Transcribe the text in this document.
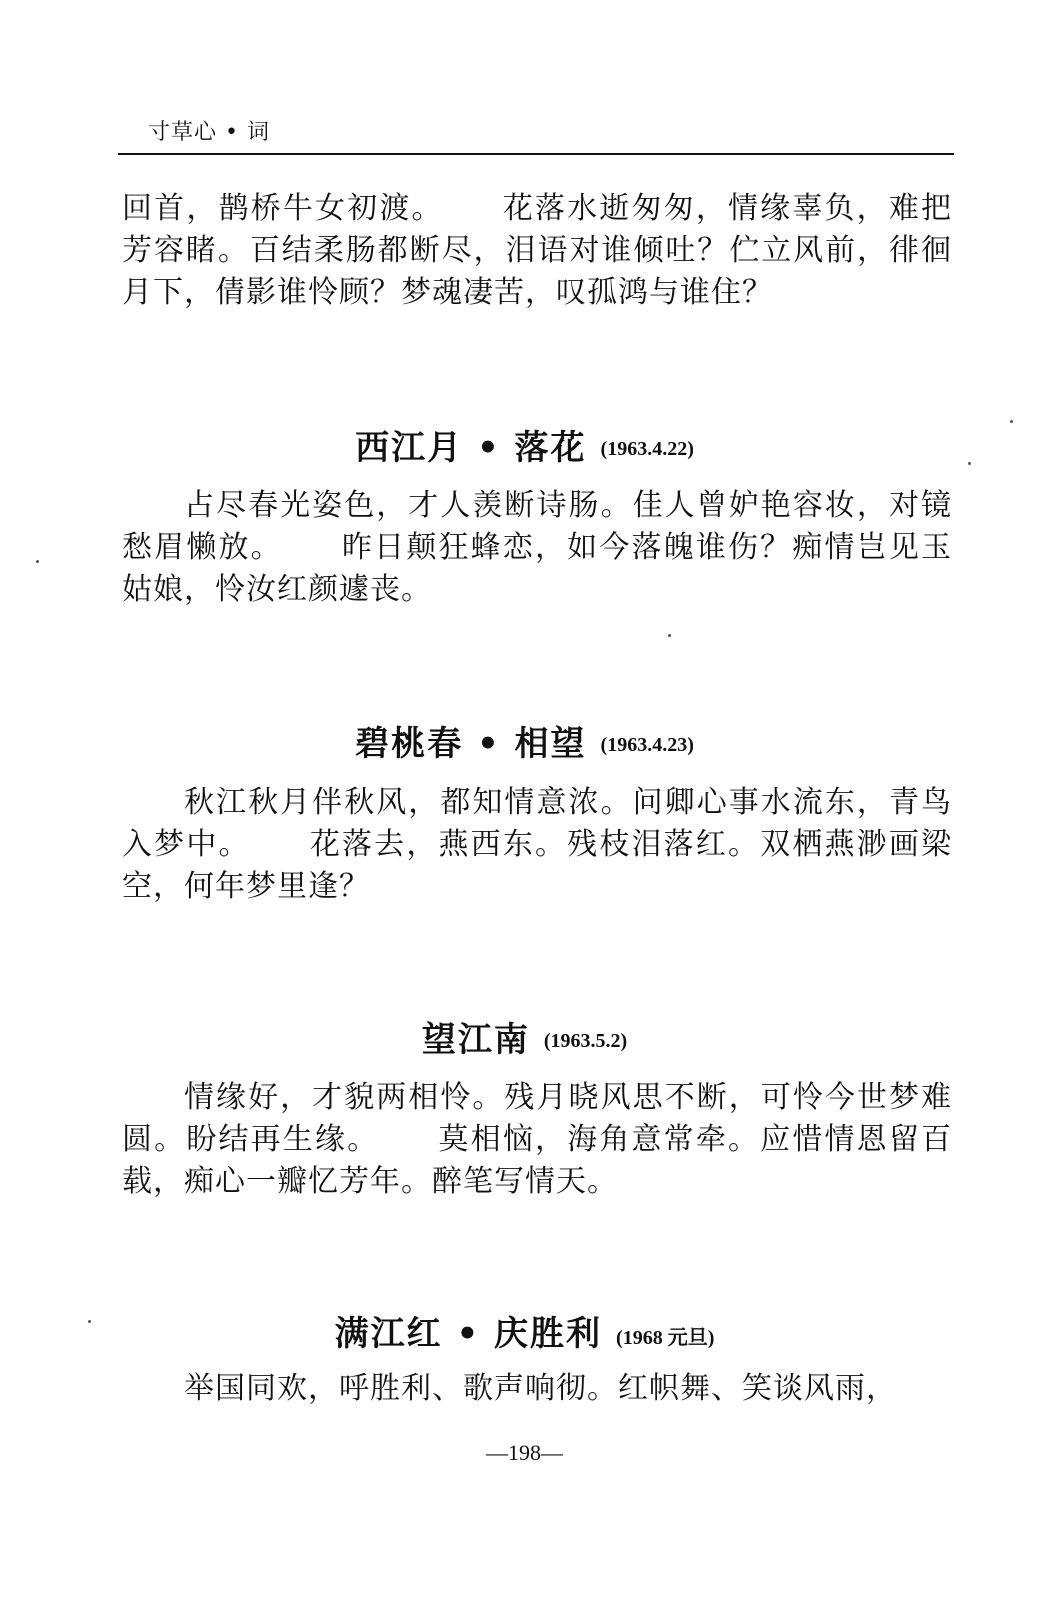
寸草心 • 词

回首，鹊桥牛女初渡。 花落水逝匆匆，情缘辜负，难把芳容睹。百结柔肠都断尽，泪语对谁倾吐？伫立风前，徘徊月下，倩影谁怜顾？梦魂凄苦，叹孤鸿与谁住？

西江月 • 落花 (1963.4.22)

占尽春光姿色，才人羡断诗肠。佳人曾妒艳容妆，对镜愁眉懒放。 昨日颠狂蜂恋，如今落魄谁伤？痴情岂见玉姑娘，怜汝红颜遽丧。

碧桃春 • 相望 (1963.4.23)

秋江秋月伴秋风，都知情意浓。问卿心事水流东，青鸟入梦中。 花落去，燕西东。残枝泪落红。双栖燕渺画梁空，何年梦里逢？

望江南 (1963.5.2)

情缘好，才貌两相怜。残月晓风思不断，可怜今世梦难圆。盼结再生缘。 莫相恼，海角意常牵。应惜情恩留百载，痴心一瓣忆芳年。醉笔写情天。

满江红 • 庆胜利 (1968 元旦)

举国同欢，呼胜利、歌声响彻。红帜舞、笑谈风雨，

—198—
